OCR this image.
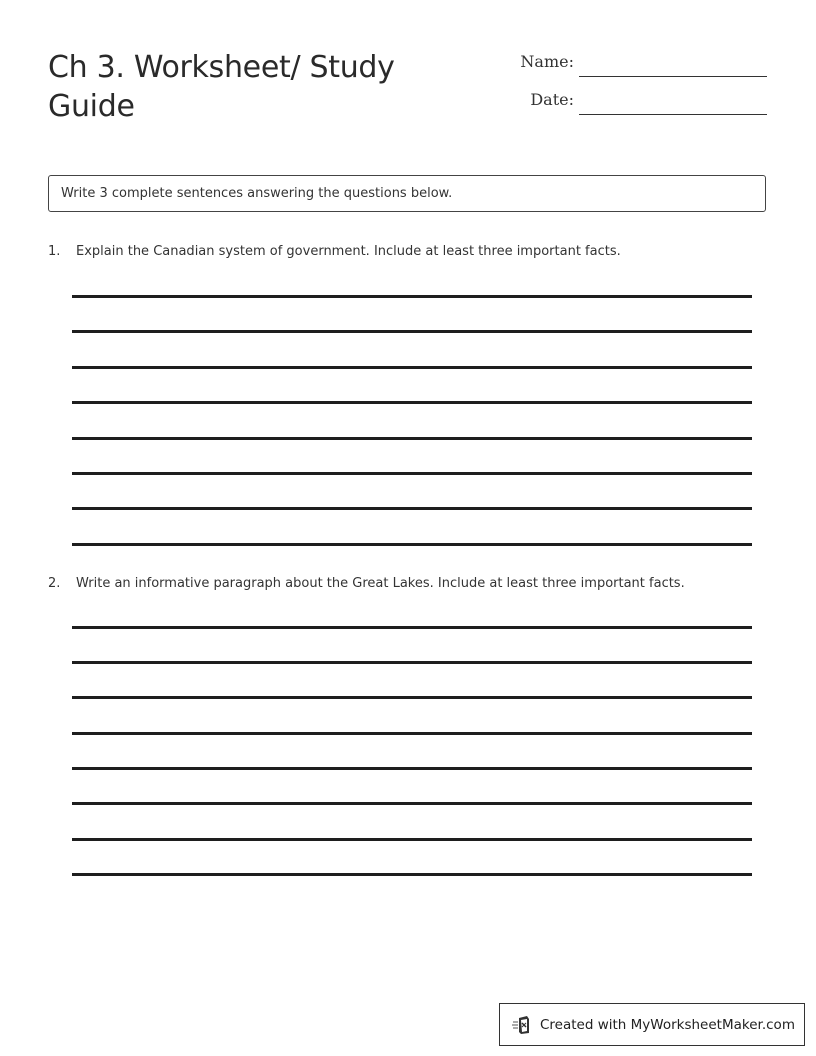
Ch 3. Worksheet/ Study Guide
Name:
Date:
Write 3 complete sentences answering the questions below.
1. Explain the Canadian system of government. Include at least three important facts.
2. Write an informative paragraph about the Great Lakes. Include at least three important facts.
Created with MyWorksheetMaker.com
